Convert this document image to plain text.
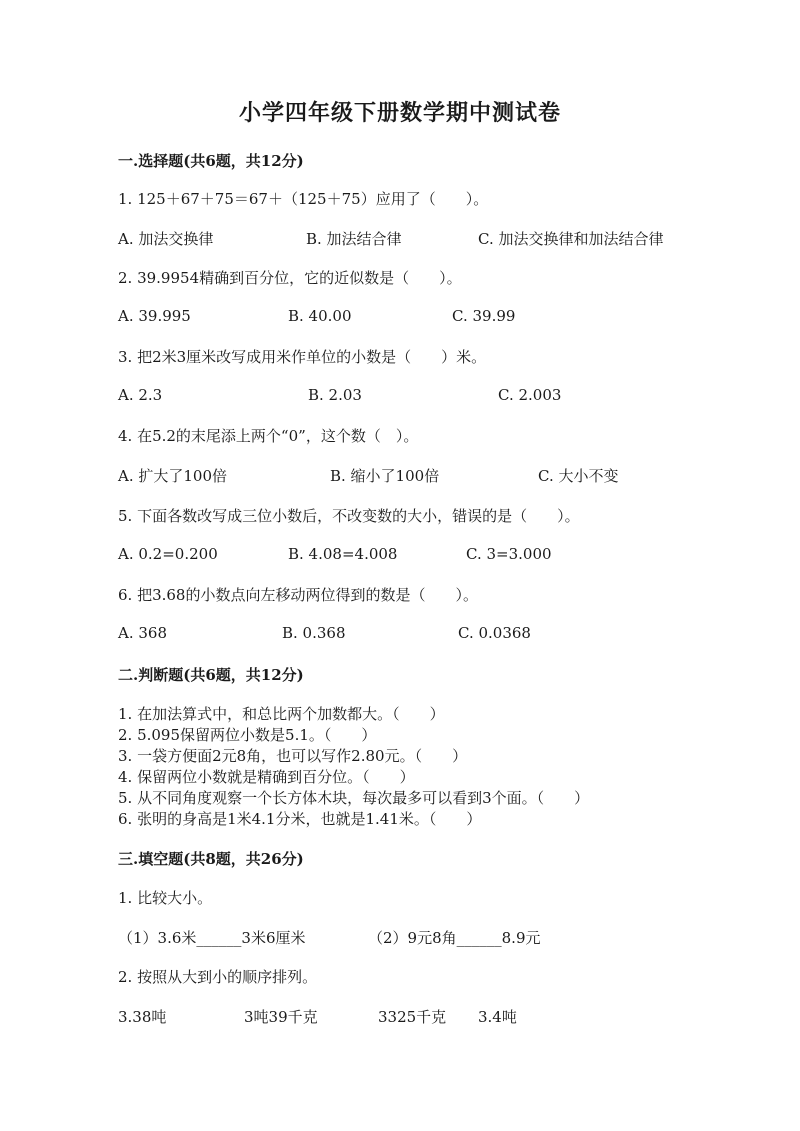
小学四年级下册数学期中测试卷
一.选择题(共6题，共12分)
1. 125＋67＋75＝67＋（125＋75）应用了（　　）。
A. 加法交换律	B. 加法结合律	C. 加法交换律和加法结合律
2. 39.9954精确到百分位，它的近似数是（　　）。
A. 39.995	B. 40.00	C. 39.99
3. 把2米3厘米改写成用米作单位的小数是（　　）米。
A. 2.3	B. 2.03	C. 2.003
4. 在5.2的末尾添上两个“0”，这个数（　）。
A. 扩大了100倍	B. 缩小了100倍	C. 大小不变
5. 下面各数改写成三位小数后，不改变数的大小，错误的是（　　）。
A. 0.2=0.200	B. 4.08=4.008	C. 3=3.000
6. 把3.68的小数点向左移动两位得到的数是（　　）。
A. 368	B. 0.368	C. 0.0368
二.判断题(共6题，共12分)
1. 在加法算式中，和总比两个加数都大。（　　）
2. 5.095保留两位小数是5.1。（　　）
3. 一袋方便面2元8角，也可以写作2.80元。（　　）
4. 保留两位小数就是精确到百分位。（　　）
5. 从不同角度观察一个长方体木块，每次最多可以看到3个面。（　　）
6. 张明的身高是1米4.1分米，也就是1.41米。（　　）
三.填空题(共8题，共26分)
1. 比较大小。
（1）3.6米______3米6厘米	（2）9元8角______8.9元
2. 按照从大到小的顺序排列。
3.38吨	3吨39千克	3325千克 3.4吨
